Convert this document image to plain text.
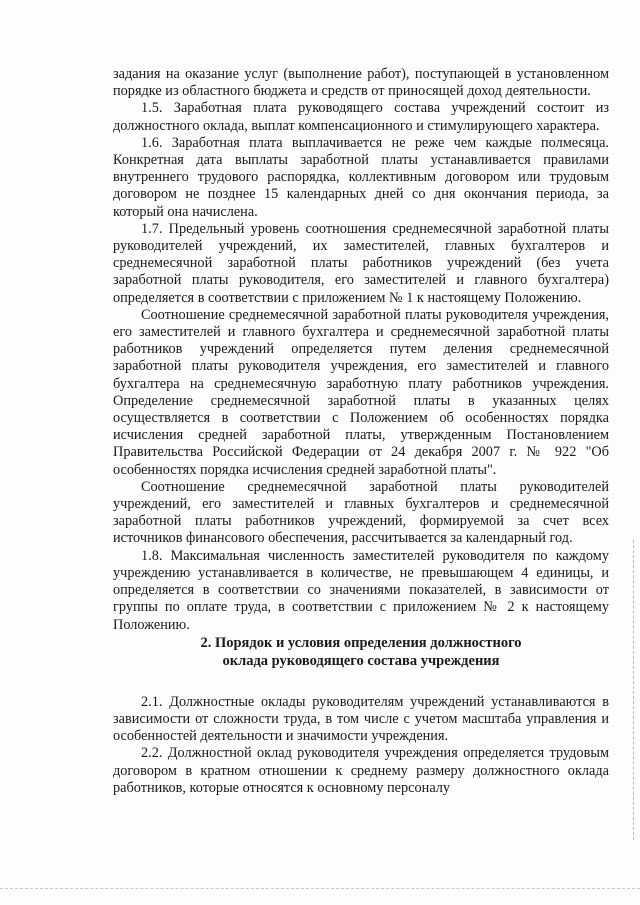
задания на оказание услуг (выполнение работ), поступающей в установленном порядке из областного бюджета и средств от приносящей доход деятельности.

1.5. Заработная плата руководящего состава учреждений состоит из должностного оклада, выплат компенсационного и стимулирующего характера.

1.6. Заработная плата выплачивается не реже чем каждые полмесяца. Конкретная дата выплаты заработной платы устанавливается правилами внутреннего трудового распорядка, коллективным договором или трудовым договором не позднее 15 календарных дней со дня окончания периода, за который она начислена.

1.7. Предельный уровень соотношения среднемесячной заработной платы руководителей учреждений, их заместителей, главных бухгалтеров и среднемесячной заработной платы работников учреждений (без учета заработной платы руководителя, его заместителей и главного бухгалтера) определяется в соответствии с приложением № 1 к настоящему Положению.

Соотношение среднемесячной заработной платы руководителя учреждения, его заместителей и главного бухгалтера и среднемесячной заработной платы работников учреждений определяется путем деления среднемесячной заработной платы руководителя учреждения, его заместителей и главного бухгалтера на среднемесячную заработную плату работников учреждения. Определение среднемесячной заработной платы в указанных целях осуществляется в соответствии с Положением об особенностях порядка исчисления средней заработной платы, утвержденным Постановлением Правительства Российской Федерации от 24 декабря 2007 г. № 922 "Об особенностях порядка исчисления средней заработной платы".

Соотношение среднемесячной заработной платы руководителей учреждений, его заместителей и главных бухгалтеров и среднемесячной заработной платы работников учреждений, формируемой за счет всех источников финансового обеспечения, рассчитывается за календарный год.

1.8. Максимальная численность заместителей руководителя по каждому учреждению устанавливается в количестве, не превышающем 4 единицы, и определяется в соответствии со значениями показателей, в зависимости от группы по оплате труда, в соответствии с приложением № 2 к настоящему Положению.

2. Порядок и условия определения должностного
оклада руководящего состава учреждения

2.1. Должностные оклады руководителям учреждений устанавливаются в зависимости от сложности труда, в том числе с учетом масштаба управления и особенностей деятельности и значимости учреждения.

2.2. Должностной оклад руководителя учреждения определяется трудовым договором в кратном отношении к среднему размеру должностного оклада работников, которые относятся к основному персоналу
